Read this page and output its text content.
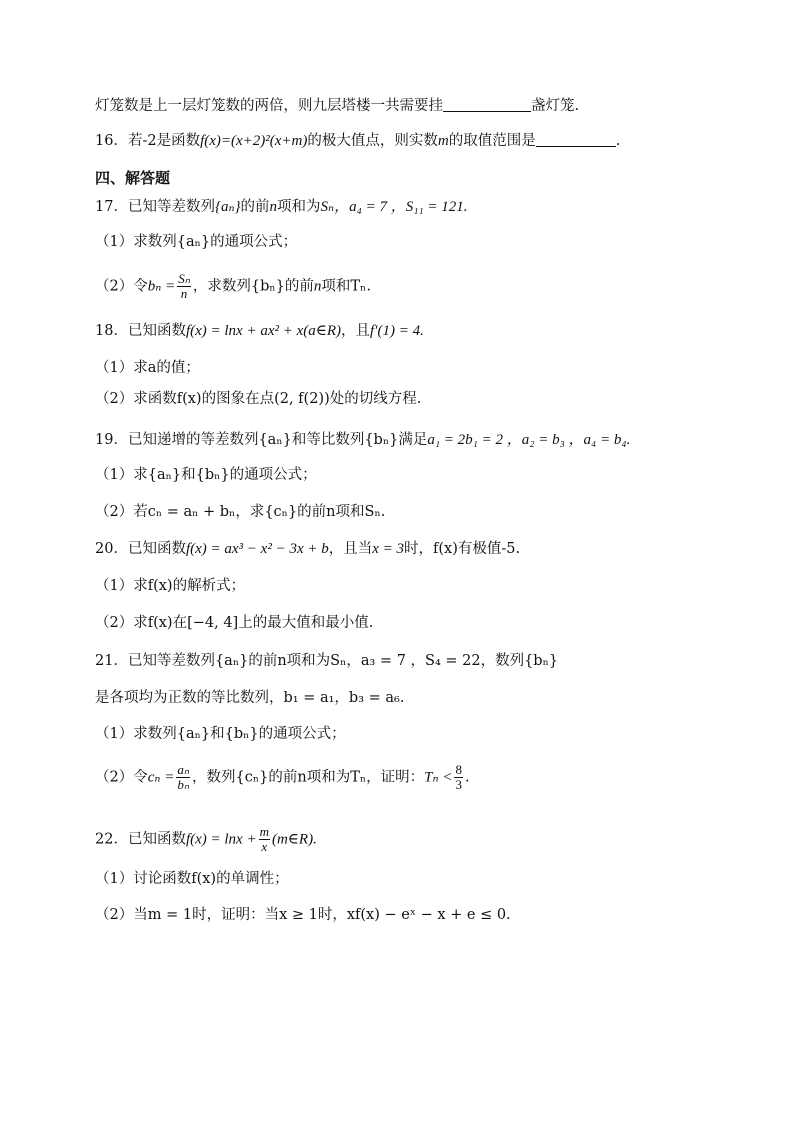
灯笼数是上一层灯笼数的两倍，则九层塔楼一共需要挂	盏灯笼.
16．若-2是函数f(x)=(x+2)²(x+m)的极大值点，则实数m的取值范围是	.
四、解答题
17．已知等差数列{aₙ}的前n项和为Sₙ，a₄ = 7 ，S₁₁ = 121.
（1）求数列{aₙ}的通项公式；
（2）令$b_n = \frac{\text{Sₙ}}{n}$ ，求数列{bₙ}的前n项和Tₙ.
18．已知函数f(x) = lnx + ax² + x(a∈R)，且f′(1) = 4.
（1）求a的值；
（2）求函数f(x)的图象在点(2, f(2))处的切线方程.
19．已知递增的等差数列{aₙ}和等比数列{bₙ}满足a₁ = 2b₁ = 2 ，a₂ = b₃ ，a₄ = b₄.
（1）求{aₙ}和{bₙ}的通项公式；
（2）若cₙ = aₙ + bₙ，求{cₙ}的前n项和Sₙ.
20．已知函数f(x) = ax³ − x² − 3x + b，且当x = 3时，f(x)有极值-5.
（1）求f(x)的解析式；
（2）求f(x)在[−4, 4]上的最大值和最小值.
21．已知等差数列{aₙ}的前n项和为Sₙ，a₃ = 7 ，S₄ = 22，数列{bₙ}
是各项均为正数的等比数列，b₁ = a₁，b₃ = a₆.
（1）求数列{aₙ}和{bₙ}的通项公式；
（2）令$c_n = \frac{\text{aₙ}}{\text{bₙ}}$ ，数列{cₙ}的前n项和为Tₙ，证明：$T_n < \frac{8}{3}$ .
22．已知函数$f(x) = \ln x + \frac{m}{x}$ (m∈R).
（1）讨论函数f(x)的单调性；
（2）当m = 1时，证明：当x ≥ 1时，xf(x) − eˣ − x + e ≤ 0.
